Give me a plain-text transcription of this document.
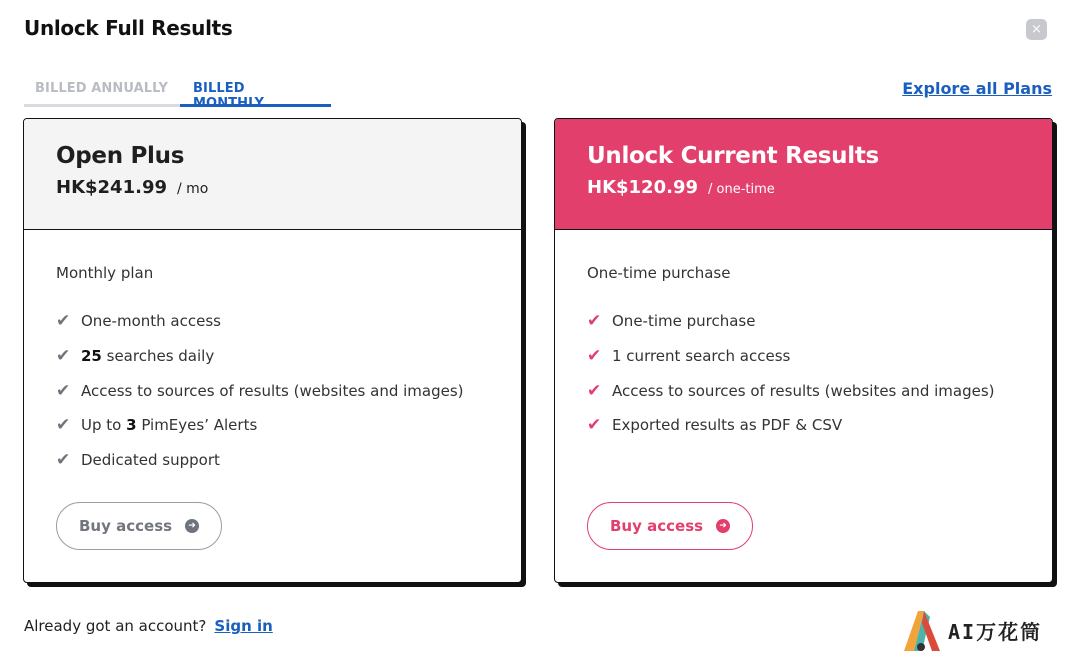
Unlock Full Results	×
BILLED ANNUALLY	BILLED MONTHLY
Explore all Plans
Open Plus
HK$241.99 / mo
Monthly plan
✔ One-month access
✔ 25 searches daily
✔ Access to sources of results (websites and images)
✔ Up to 3 PimEyes’ Alerts
✔ Dedicated support
Buy access	➜
Unlock Current Results
HK$120.99 / one-time
One-time purchase
✔ One-time purchase
✔ 1 current search access
✔ Access to sources of results (websites and images)
✔ Exported results as PDF & CSV
Buy access	➜
Already got an account? Sign in	AI万花筒
